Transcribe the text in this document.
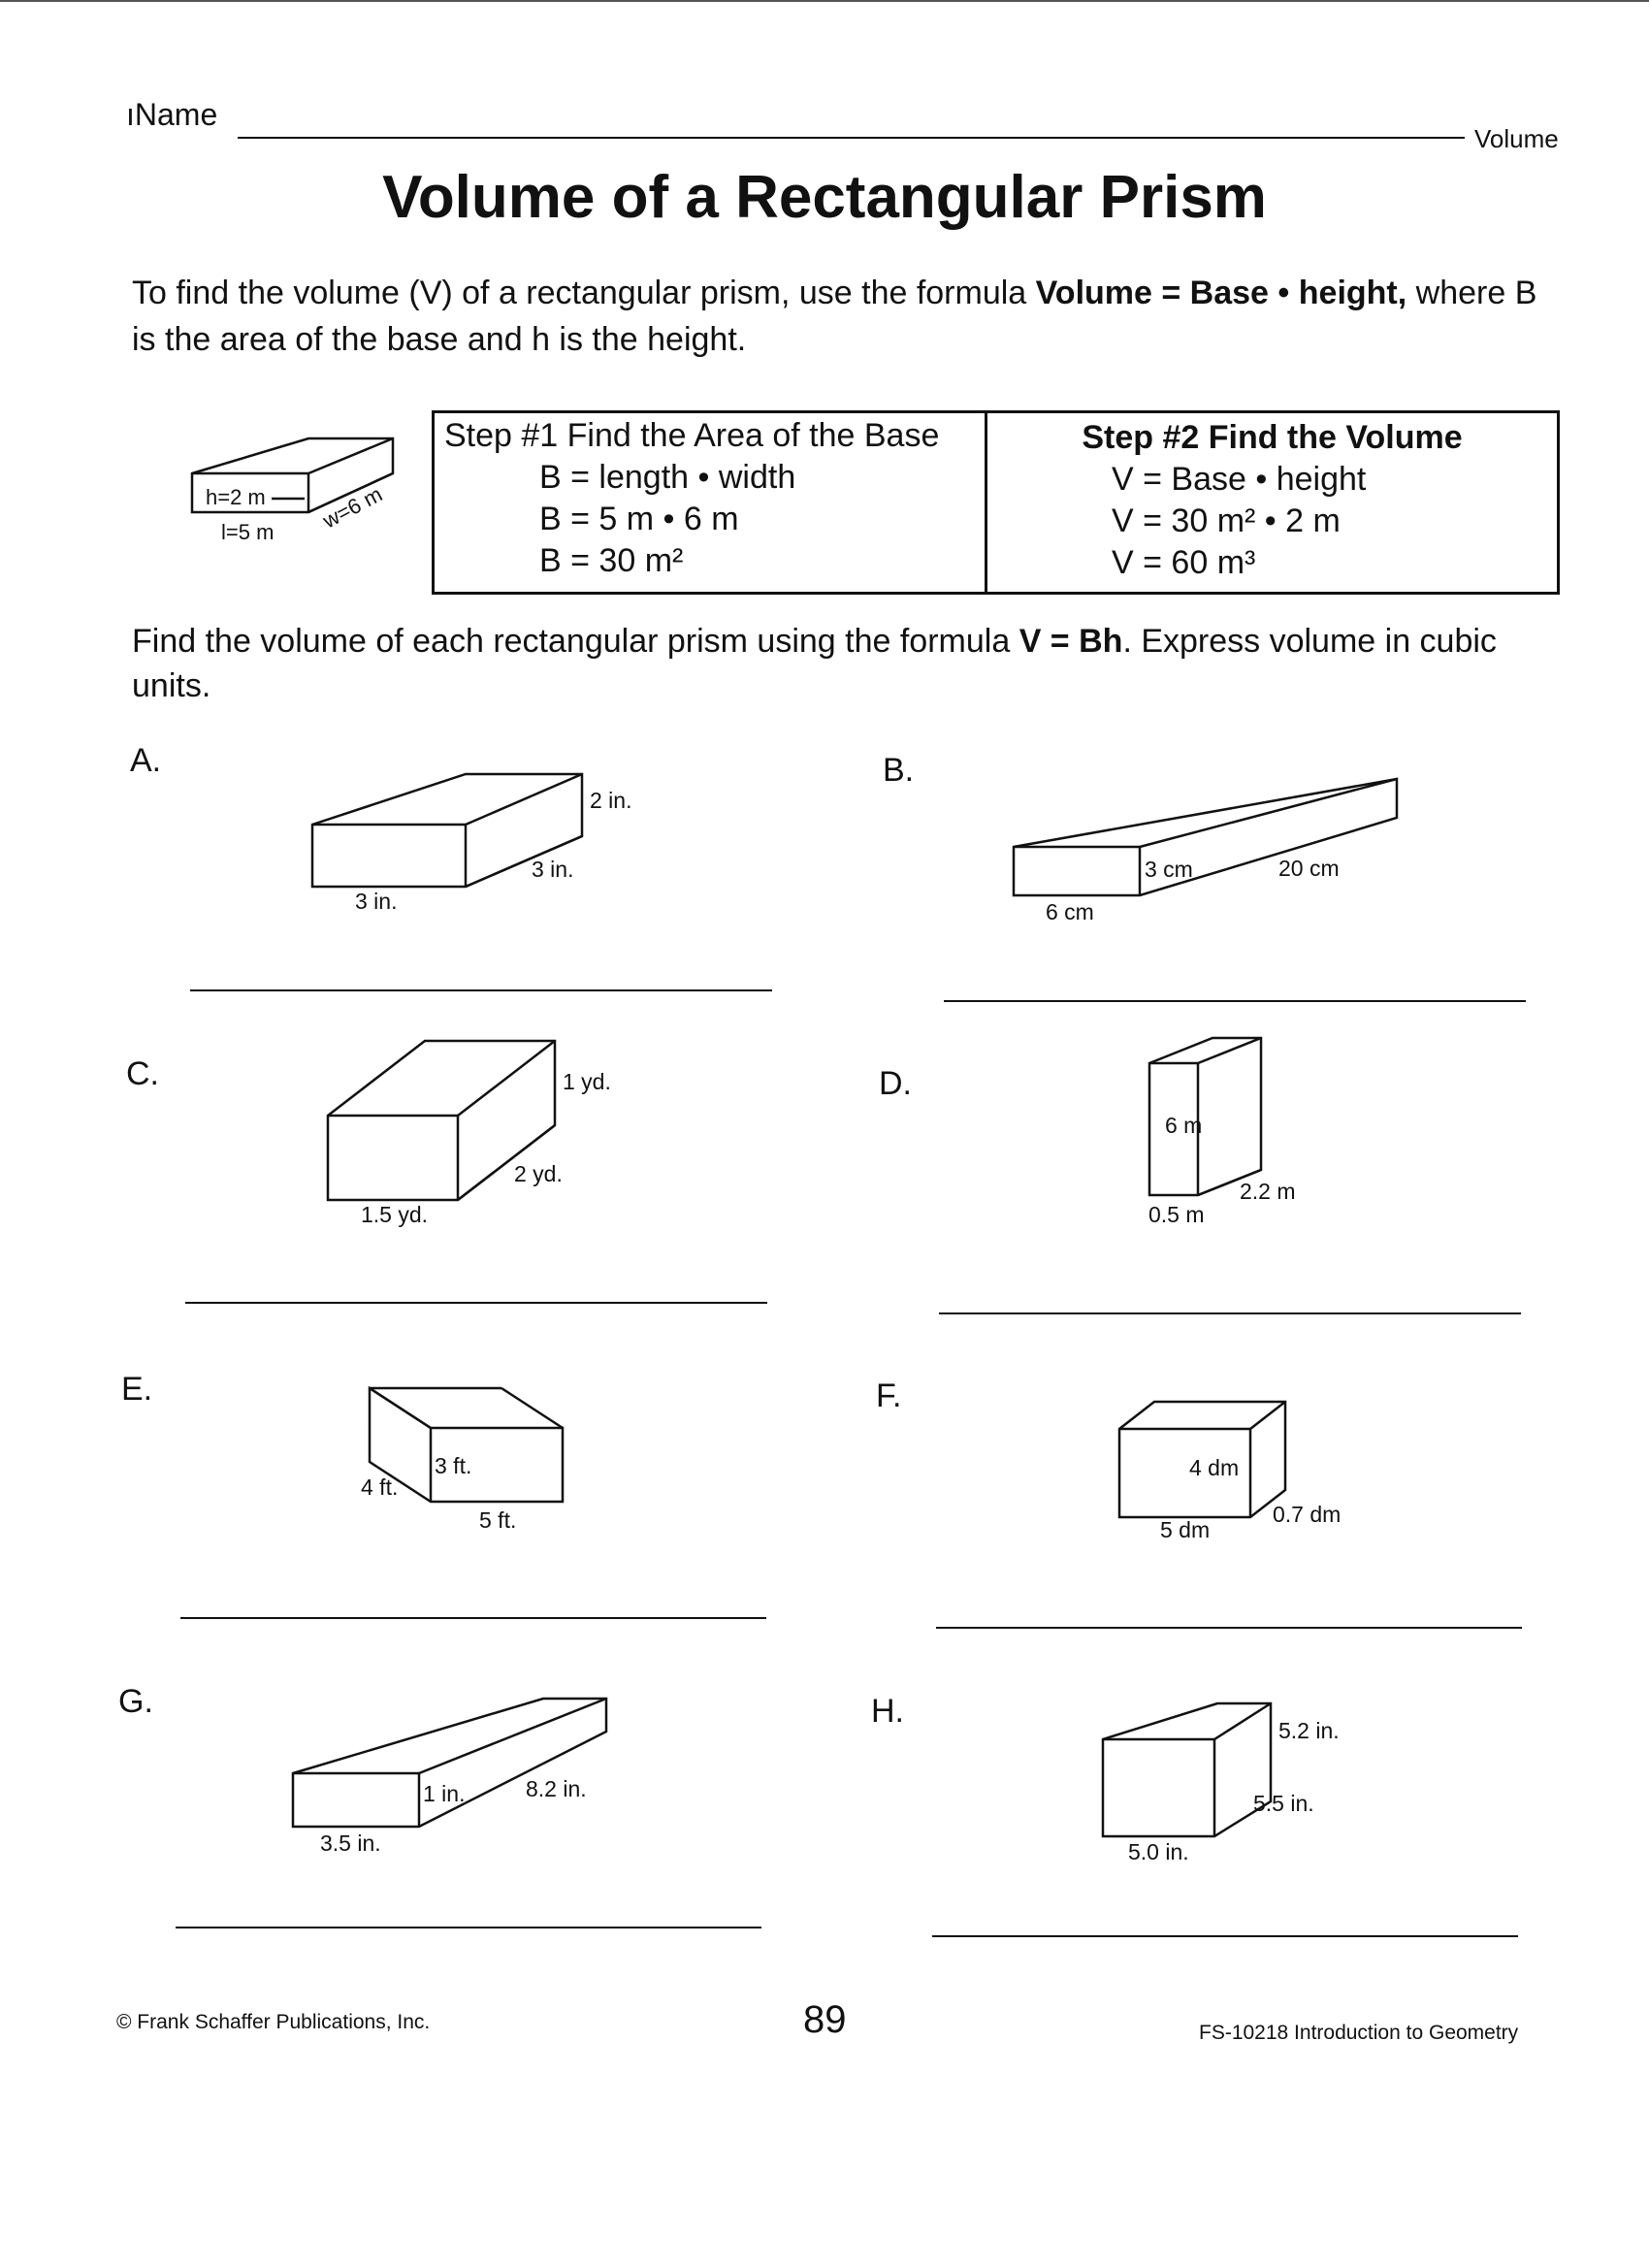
ıName
Volume
Volume of a Rectangular Prism
To find the volume (V) of a rectangular prism, use the formula Volume = Base • height, where B is the area of the base and h is the height.
h=2 m w=6 m
l=5 m
Step #1 Find the Area of the Base
B = length • width
B = 5 m • 6 m
B = 30 m²
Step #2 Find the Volume
V = Base • height
V = 30 m² • 2 m
V = 60 m³
Find the volume of each rectangular prism using the formula V = Bh. Express volume in cubic units.
A.	B.
C.	D.
E.	F.
G.	H.
2 in.
3 in.
3 in.
3 cm	20 cm
6 cm
1 yd.
2 yd.
1.5 yd.
6 m
2.2 m
0.5 m
3 ft.
4 ft.
5 ft.
4 dm
0.7 dm
5 dm
1 in.	8.2 in.
3.5 in.
5.2 in.
5.5 in.
5.0 in.
© Frank Schaffer Publications, Inc.	89	FS-10218 Introduction to Geometry
